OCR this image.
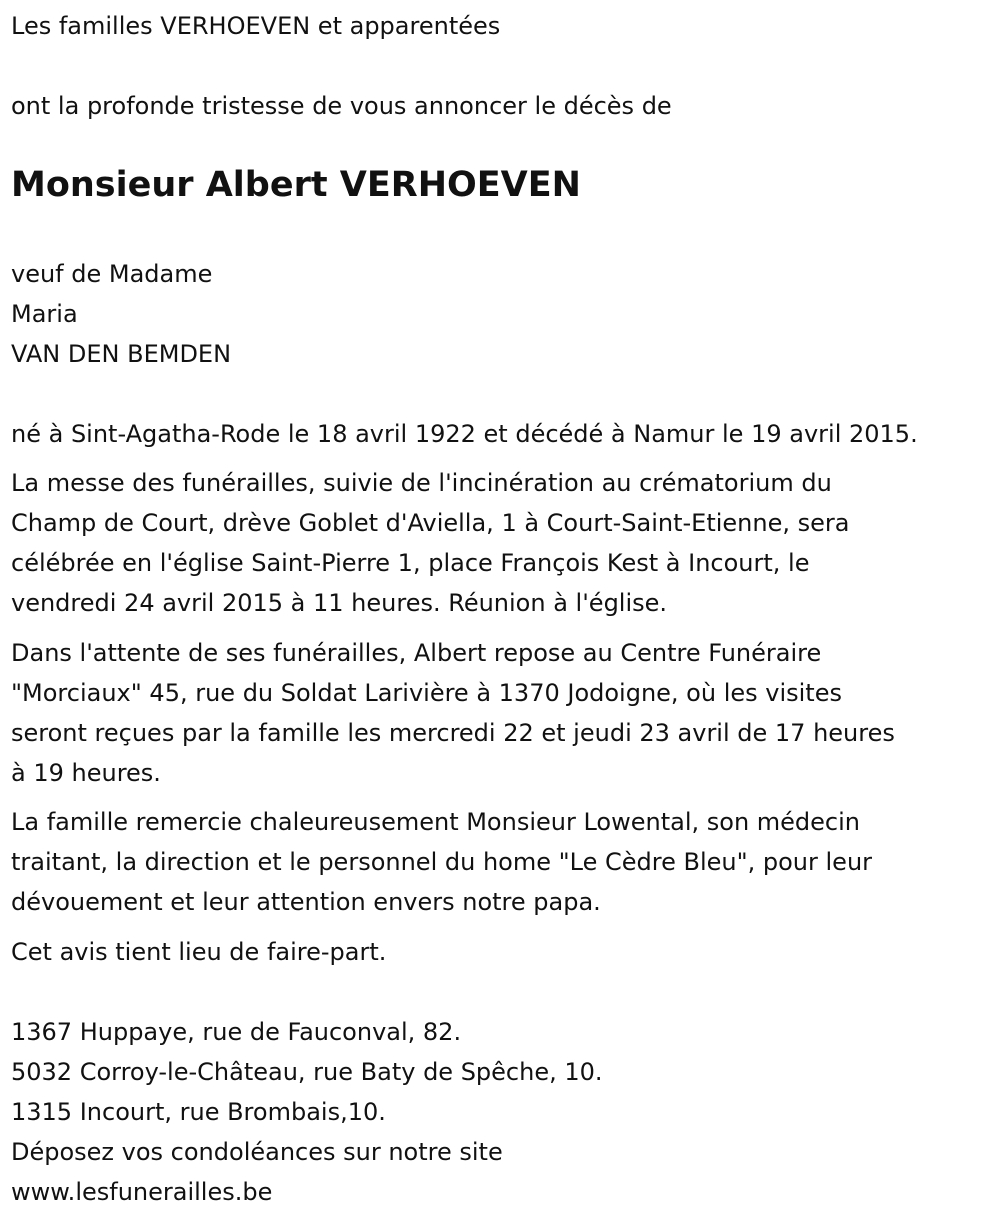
Les familles VERHOEVEN et apparentées

ont la profonde tristesse de vous annoncer le décès de

Monsieur Albert VERHOEVEN

veuf de Madame

Maria

VAN DEN BEMDEN

né à Sint-Agatha-Rode le 18 avril 1922 et décédé à Namur le 19 avril 2015.

La messe des funérailles, suivie de l'incinération au crématorium du

Champ de Court, drève Goblet d'Aviella, 1 à Court-Saint-Etienne, sera

célébrée en l'église Saint-Pierre 1, place François Kest à Incourt, le

vendredi 24 avril 2015 à 11 heures. Réunion à l'église.

Dans l'attente de ses funérailles, Albert repose au Centre Funéraire

"Morciaux" 45, rue du Soldat Larivière à 1370 Jodoigne, où les visites

seront reçues par la famille les mercredi 22 et jeudi 23 avril de 17 heures

à 19 heures.

La famille remercie chaleureusement Monsieur Lowental, son médecin

traitant, la direction et le personnel du home "Le Cèdre Bleu", pour leur

dévouement et leur attention envers notre papa.

Cet avis tient lieu de faire-part.

1367 Huppaye, rue de Fauconval, 82.

5032 Corroy-le-Château, rue Baty de Spêche, 10.

1315 Incourt, rue Brombais,10.

Déposez vos condoléances sur notre site

www.lesfunerailles.be
